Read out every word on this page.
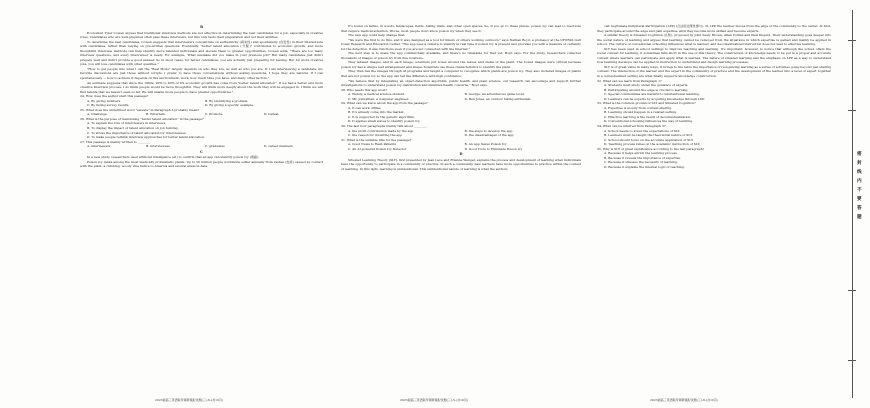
B

Economist Tyler Cowen argues that traditional interview methods are not effective in determining the best candidates for a job, especially in creative roles. Candidates who are well-prepared often pass these interviews, but this only tests their preparation and not their abilities.

To determine the best candidates, Cowen suggests that interviewers concentrate on authenticity (真实性) and spontaneity (自发性) in their interactions with candidates, rather than relying on pre-written questions. Eventually, "better talent allocation (分配)" contributes to economic growth, and more thoughtful interview methods can help identify more talented individuals and elevate them to greater opportunities. Cowen adds, "There are too many interview questions, and every interviewer is ready. For example, 'What mistakes did you make in your previous job?' But many candidates just didn't prepare well and didn't provide a good answer. So in most cases, for better candidates, you are actually just preparing for testing. But for more creative jobs, you will lose candidates with other qualities."

"How to get people into what I call the "Real Mode" largely depends on who they are, as well as who you are. If I am interviewing a candidate, my favorite discussions are just those without scripts. I prefer to have those conversations without asking questions. I hope they are natural. If I can spontaneously — how to achieve it depends on the environment, work, how much time you have, and many other factors."

An estimate suggests that since the 1960s, 20% to 40% of US economic growth has come from "better talent allocation". If we had a better and more creative interview process, I do think people would be more thoughtful. They will think more deeply about the work they will be engaged in. I think we will find talents that we haven't seen so far. We will enable more people to have greater opportunities."

24. How does the author start this passage?

A. By giving numbers.	B. By identifying a problem.

C. By listing survey results.	D. By giving a specific example.

25. What does the underlined word "elevate" in Paragraph 3 probably mean?

A. Challenge.	B. Entertain.	C. Promote.	D. Defeat.

26. What is the purpose of mentioning "better talent allocation" in the passage?

A. To explain the role of interviewers in interviews.

B. To display the impact of talent allocation on job hunting.

C. To stress the importance of talent allocation for interviewees.

D. To make people rethink interview approaches for better talent allocation.

27. This passage is mainly written to ________.

A. interviewers	B. interviewees	C. graduates	D. career manners

C

In a new study, researchers used artificial intelligence (AI) to confirm that an app can identify poison ivy (毒藤).

Poison ivy ranks among the most medically problematic plants. Up to 50 million people worldwide suffer annually from rashes (皮疹) caused by contact with the plant, a climbing, woody vine native to America and several areas in Asia.

It's found on farms, in woods, landscapes, fields, hiking trails, and other open spaces. So, if you go to these places, poison ivy can lead to reactions that require medical attention. Worse, most people don't know poison ivy when they see it.

The new app could help change that.

"We were the first to do this, and it was designed as a tool for hikers or others working outdoors," says Nathan Boyd, a professor at the UF/IFAS Gulf Coast Research and Education Center. "The app uses a camera to identify in real time if poison ivy is present and provides you with a measure of certainty for the detection. It also functions even if you are not connected with the Internet."

The next step is to make the app commercially available, and there's no timetable for that yet, Boyd says. For the study, researchers collected thousands of images of poison ivy from five locations.

They labeled images, and in each image, scientists put boxes around the leaves and stems of the plant. The boxed images were critical because poison ivy has a unique leaf arrangement and shape. Scientists use these characteristics to identify the plant.

They then ran the images through AI programs and taught a computer to recognize which plants are poison ivy. They also included images of plants that are not poison ivy so the app can tell the difference with high confidence.

"We believe that by integrating an object-detection algorithm, public health, and plant science, our research can encourage and support further investigations to understand poison ivy distribution and minimize health concerns," Boyd says.

28. Who needs this app most?

A. Wendy, a medical science student.	B. George, an adventurous game lover.

C. Mr. Johnathan, a computer engineer.	D. Ben Jones, an outdoor hiking enthusiast.

29. What can we know about the app from the passage?

A. It can work offline.

B. It's already come into the market.

C. It is supported by the genetic algorithm.

D. It applies small waves to identify poison ivy.

30. The last four paragraphs mainly talk about ________.

A. the profit contribution made by the app	B. the steps to develop the app

C. the reason for inventing the app	D. the disadvantages of the app

31. What is the suitable title for the passage?

A. Good News to Rash Patients	B. An App Saves Poison Ivy

C. An AI-powered Poison Ivy Detector	D. Good Tools to Eliminate Poison Ivy

D

Situated Learning Theory (SLT), first presented by Jean Lave and Etienne Wenger, explains the process and development of learning when individuals have the opportunity to participate in a community of practice. In such a community, new learners have more opportunities to practice within the context of learning. In this light, learning is unintentional. This unintentional nature of learning is what the authors

call Legitimate Peripheral Participation (LPP) (合法的边缘性参与). In LPP, the learner moves from the edge of the community to the center. At first, they participate around the edge and gain expertise until they become more skilled and become experts.

A similar theory is Situated Cognition (认知), proposed by John Seely Brown, Allan Collins and Paul Duguid. Their understanding goes deeper into the social nature of learning and argues that learning cannot be removed from the situations in which expertise is gained and mainly be applied in school. The culture of conventional schooling influences what is learned, and decontextualized instruction does not lead to effective learning.

SLT has been used in school settings to improve teaching and learning. It's important, however, to notice that although the school offers the social context for learning, it sometimes falls short in the use of this theory. The construction of knowledge needs to be put in a proper and accurate context where learners can participate and apply what is learned. The nature of situated learning and the emphasis on LPP as a way to understand how learning develops can be applied in instruction to understand and design learning processes.

SLT is of great value in many ways. It brings to the table the importance of recognizing learning as a series of activities going beyond just sharing content. The interaction of the learner and the expert in the community of practice and the development of the learner into a level of expert together in a contextualized setting are what finally supports knowledge construction.

32. What can we learn from Paragraph 1?

A. Students must study under the guidance of experts.

B. Participating around the edge is crucial to learning.

C. Special communities are harmful to unintentional learning.

D. Learners can be experts by acquiring knowledge through LPP.

33. What is the common ground of SLT and Situated Cognition?

A. Expertise is mostly from content-sharing.

B. Learning should happen in a related setting.

C. Effective learning is the result of decontextualization.

D. Conventional schooling influences the way of learning.

34. What can be inferred from Paragraph 3?

A. School needs to lower the expectations of SLT.

B. Learners must be taught the theoretical nature of SLT.

C. School should focus on the accurate application of SLT.

D. Teaching process relies on the academic instruction of SLT.

35. Why is SLT of great significance according to the last paragraph?

A. Because it helps enrich the learning process.

B. Because it reveals the importance of expertise.

C. Because it stresses the necessity of learning.

D. Because it explains the internal logic of teaching.

2023届高三英语联考调研模拟试题(三)-6-(共10页)	2023届高三英语联考调研模拟试题(三)-5-(共10页)	2023届高三英语联考调研模拟试题(三)-6-(共10页)
密封线内不要答题
